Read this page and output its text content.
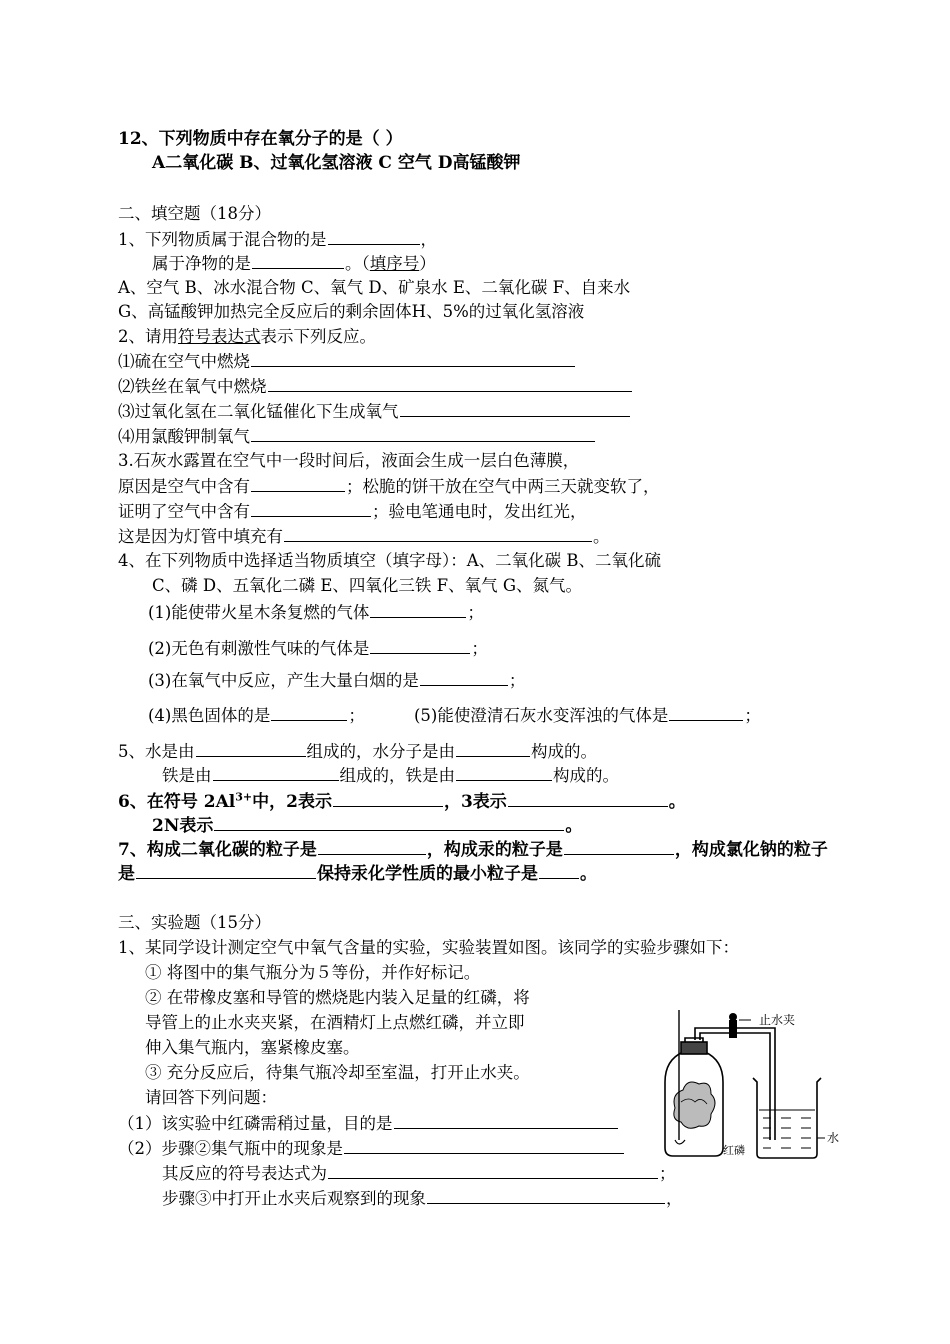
12、下列物质中存在氧分子的是（ ）
A二氧化碳 B、过氧化氢溶液 C 空气 D高锰酸钾
二、填空题（18分）
1、下列物质属于混合物的是	，
属于净物的是	。（填序号）
A、空气 B、冰水混合物 C、氧气 D、矿泉水 E、二氧化碳 F、自来水
G、高锰酸钾加热完全反应后的剩余固体H、5%的过氧化氢溶液
2、请用符号表达式表示下列反应。
⑴硫在空气中燃烧
⑵铁丝在氧气中燃烧
⑶过氧化氢在二氧化锰催化下生成氧气
⑷用氯酸钾制氧气
3.石灰水露置在空气中一段时间后，液面会生成一层白色薄膜，
原因是空气中含有	；松脆的饼干放在空气中两三天就变软了，
证明了空气中含有	；验电笔通电时，发出红光，
这是因为灯管中填充有	。
4、在下列物质中选择适当物质填空（填字母）：A、二氧化碳 B、二氧化硫
C、磷 D、五氧化二磷 E、四氧化三铁 F、氧气 G、氮气。
(1)能使带火星木条复燃的气体	；
(2)无色有刺激性气味的气体是	；
(3)在氧气中反应，产生大量白烟的是	；
(4)黑色固体的是	；	(5)能使澄清石灰水变浑浊的气体是	；
5、水是由	组成的，水分子是由	构成的。
铁是由	组成的，铁是由	构成的。
6、在符号 $2Al^{3+}$中，2表示	，3表示	。
2N表示	。
7、构成二氧化碳的粒子是	，构成汞的粒子是	，构成氯化钠的粒子
是	保持汞化学性质的最小粒子是 。
三、实验题（15分）
1、某同学设计测定空气中氧气含量的实验，实验装置如图。该同学的实验步骤如下：
① 将图中的集气瓶分为５等份，并作好标记。
② 在带橡皮塞和导管的燃烧匙内装入足量的红磷，将
导管上的止水夹夹紧，在酒精灯上点燃红磷，并立即
伸入集气瓶内，塞紧橡皮塞。
③ 充分反应后，待集气瓶冷却至室温，打开止水夹。
请回答下列问题：
（1）该实验中红磷需稍过量，目的是
（2）步骤②集气瓶中的现象是
其反应的符号表达式为	；
步骤③中打开止水夹后观察到的现象	，
止水夹
水
红磷
